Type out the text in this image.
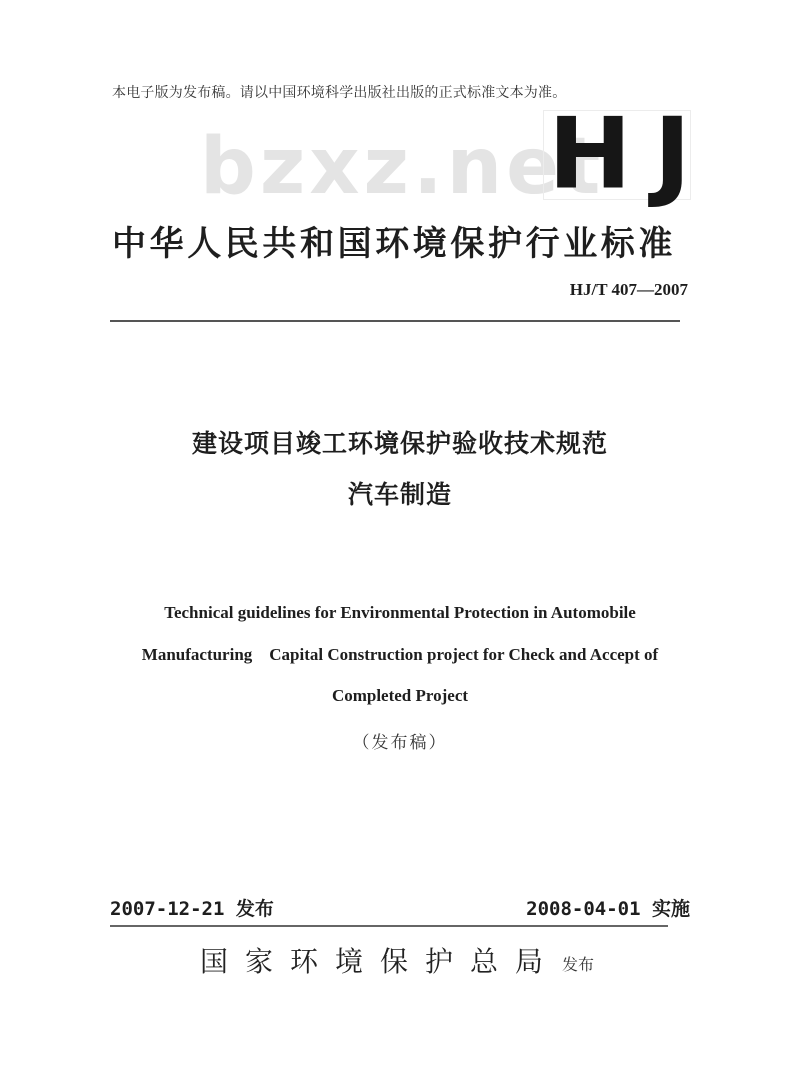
本电子版为发布稿。请以中国环境科学出版社出版的正式标准文本为准。
bzxz.net
HJ
中华人民共和国环境保护行业标准
HJ/T 407—2007
建设项目竣工环境保护验收技术规范
汽车制造
Technical guidelines for Environmental Protection in Automobile
Manufacturing    Capital Construction project for Check and Accept of
Completed Project
（发布稿）
2007-12-21 发布	2008-04-01 实施
国家环境保护总局 发布
